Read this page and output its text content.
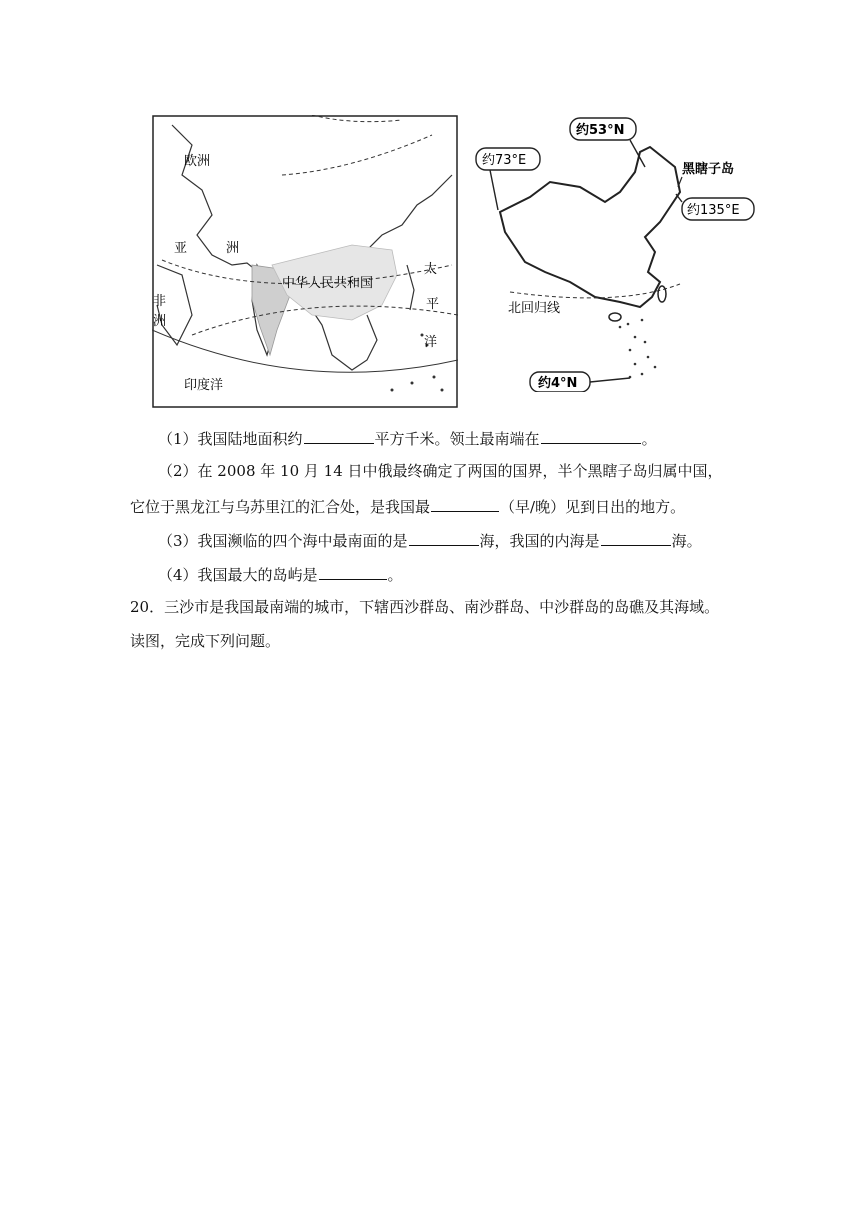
欧洲
亚	洲
中华人民共和国
太
平
洋
非
洲
印度洋
约53°N
约73°E
黑瞎子岛
约135°E
北回归线
约4°N
（1）我国陆地面积约	平方千米。领土最南端在	。
（2）在 2008 年 10 月 14 日中俄最终确定了两国的国界，半个黑瞎子岛归属中国，
它位于黑龙江与乌苏里江的汇合处，是我国最	（早/晚）见到日出的地方。
（3）我国濒临的四个海中最南面的是	海，我国的内海是	海。
（4）我国最大的岛屿是	。
20．三沙市是我国最南端的城市，下辖西沙群岛、南沙群岛、中沙群岛的岛礁及其海域。
读图，完成下列问题。
